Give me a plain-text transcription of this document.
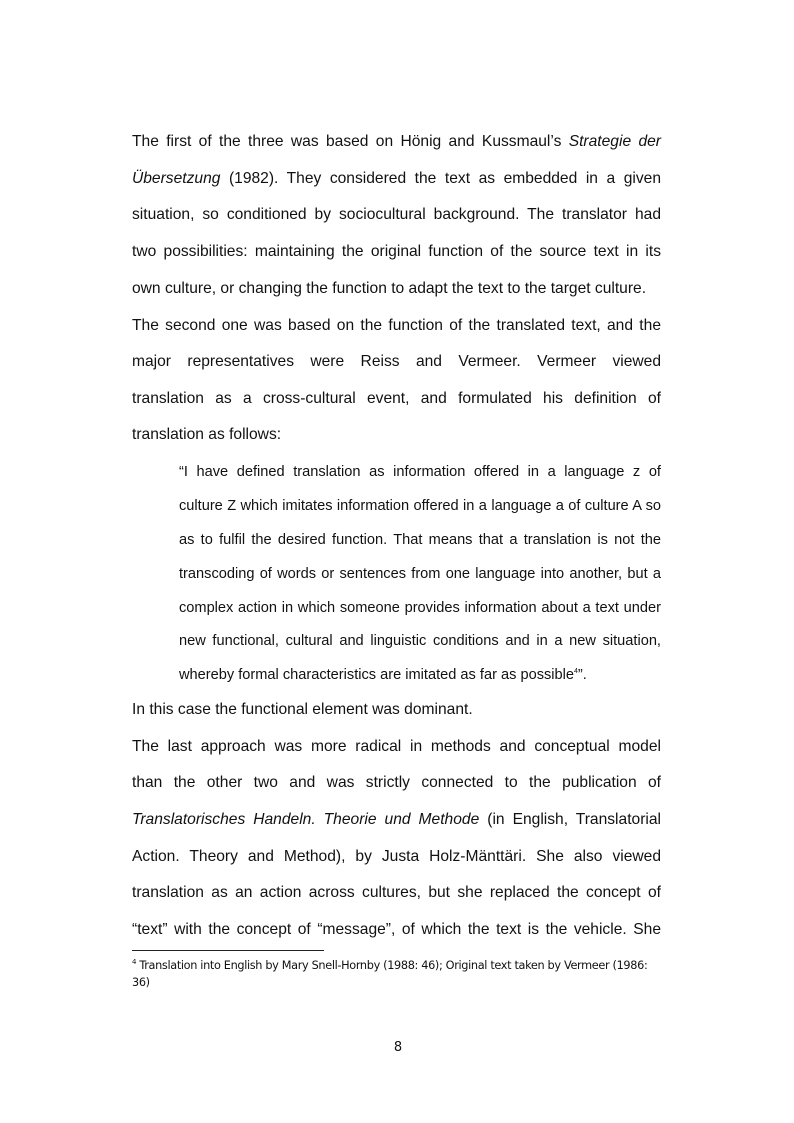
The first of the three was based on Hönig and Kussmaul’s Strategie der
Übersetzung (1982). They considered the text as embedded in a given
situation, so conditioned by sociocultural background. The translator had
two possibilities: maintaining the original function of the source text in its
own culture, or changing the function to adapt the text to the target culture.
The second one was based on the function of the translated text, and the
major representatives were Reiss and Vermeer. Vermeer viewed
translation as a cross-cultural event, and formulated his definition of
translation as follows:
“I have defined translation as information offered in a language z of
culture Z which imitates information offered in a language a of culture A so
as to fulfil the desired function. That means that a translation is not the
transcoding of words or sentences from one language into another, but a
complex action in which someone provides information about a text under
new functional, cultural and linguistic conditions and in a new situation,
whereby formal characteristics are imitated as far as possible$^4$”.
In this case the functional element was dominant.
The last approach was more radical in methods and conceptual model
than the other two and was strictly connected to the publication of
Translatorisches Handeln. Theorie und Methode (in English, Translatorial
Action. Theory and Method), by Justa Holz-Mänttäri. She also viewed
translation as an action across cultures, but she replaced the concept of
“text” with the concept of “message”, of which the text is the vehicle. She
$^4$ Translation into English by Mary Snell-Hornby (1988: 46); Original text taken by Vermeer (1986:
36)
8
